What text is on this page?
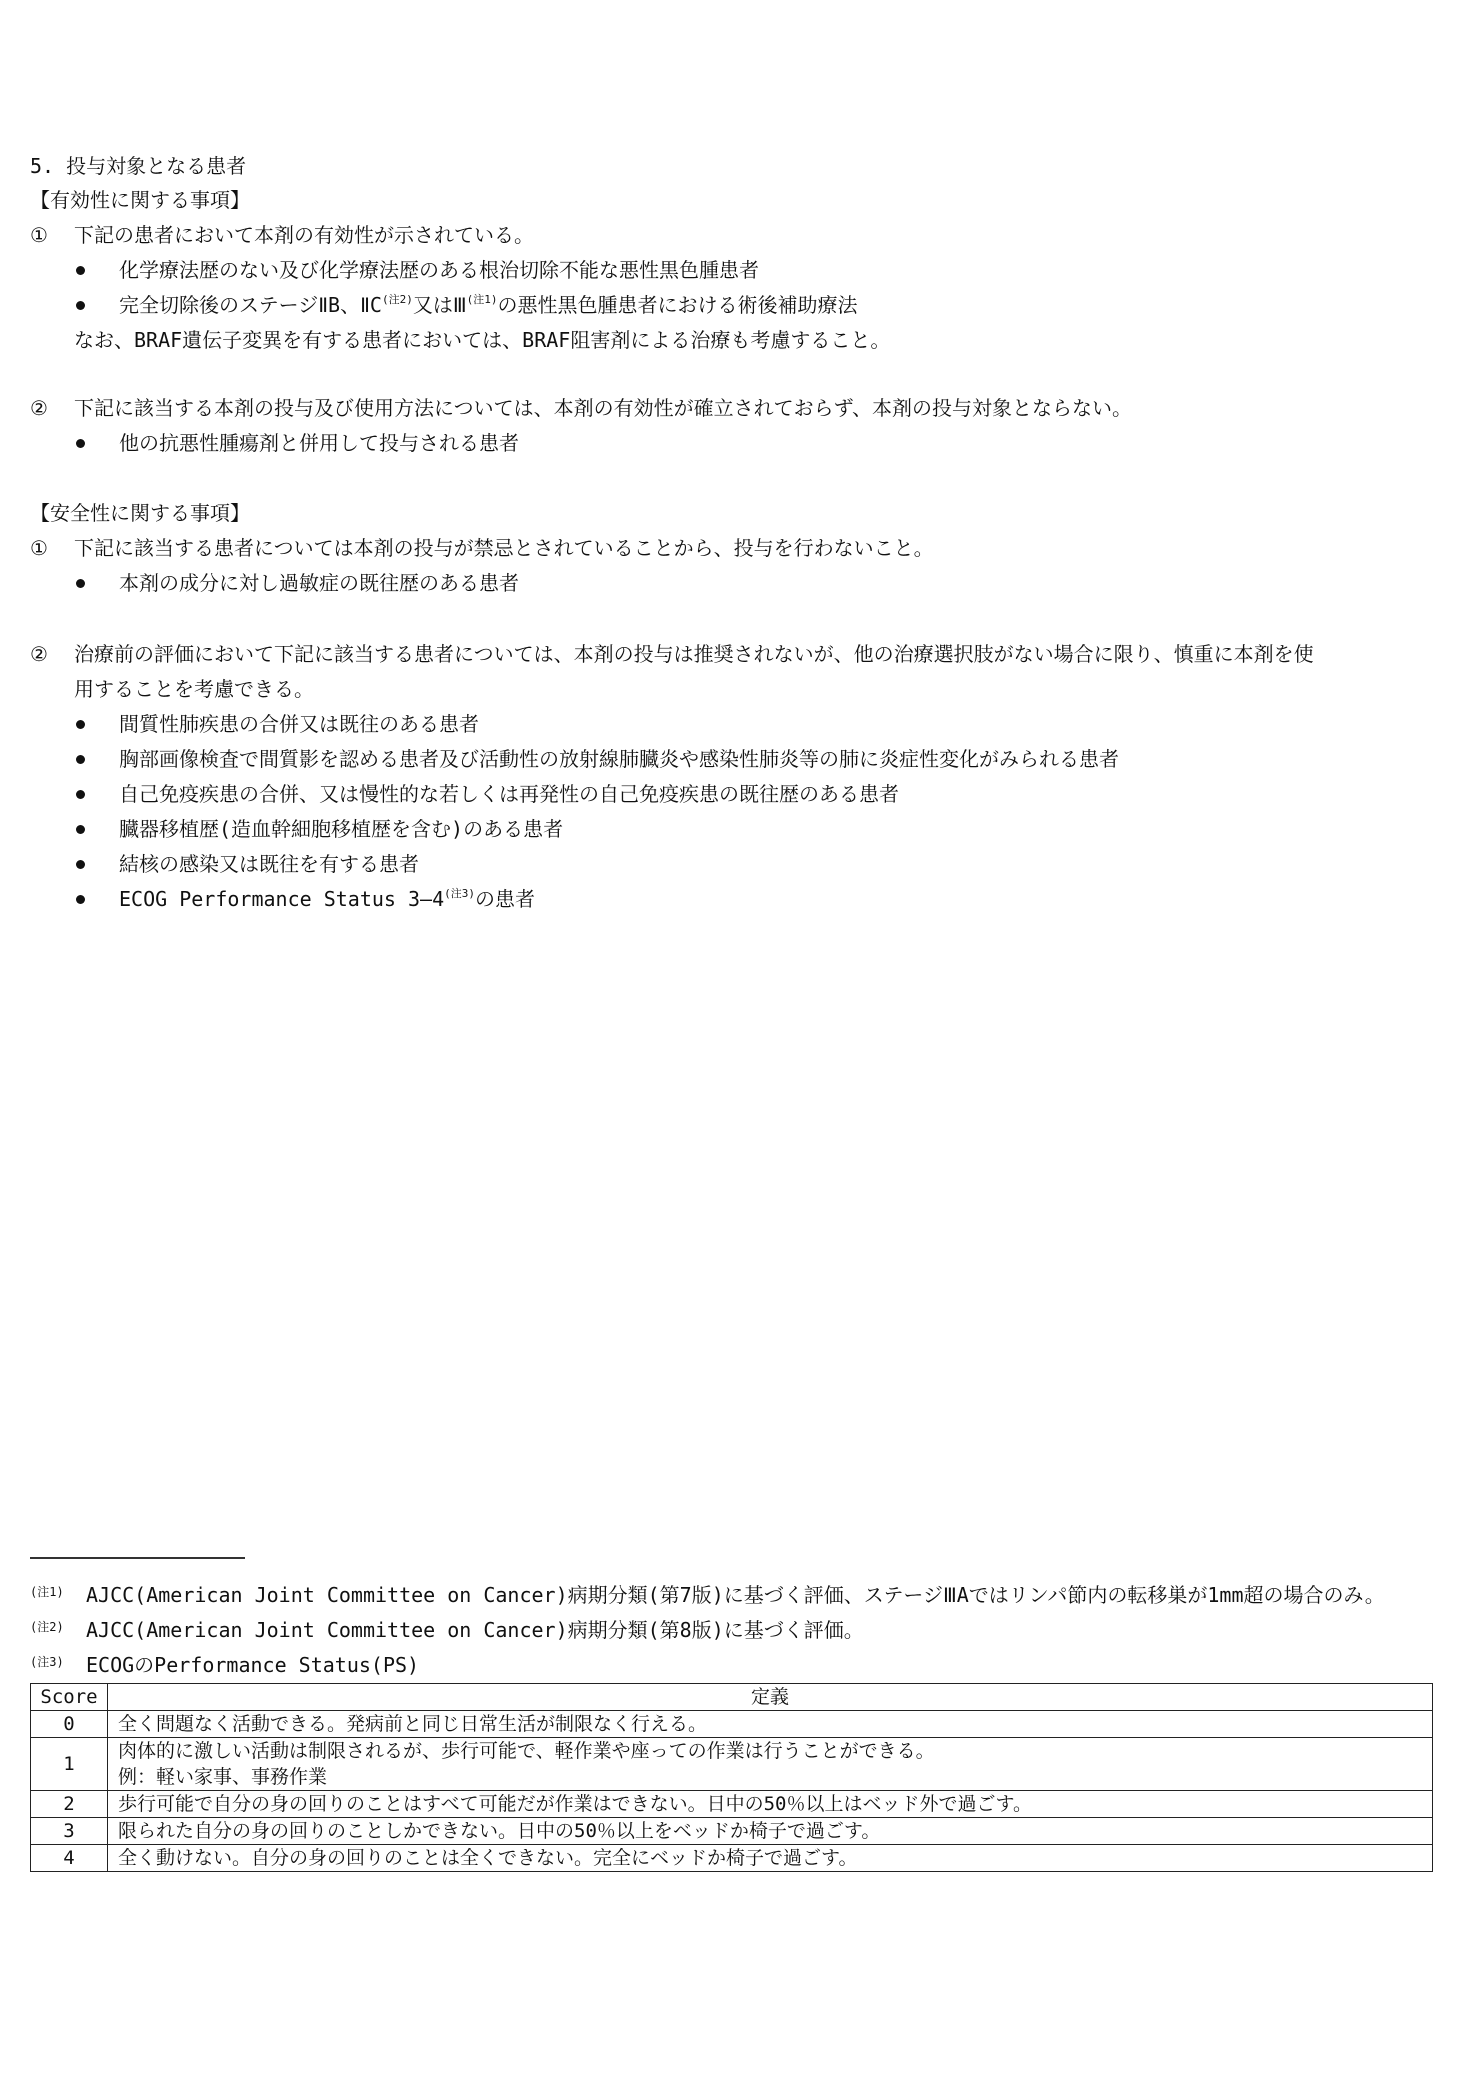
5. 投与対象となる患者
【有効性に関する事項】
① 下記の患者において本剤の有効性が示されている。
化学療法歴のない及び化学療法歴のある根治切除不能な悪性黒色腫患者
完全切除後のステージⅡB、$ⅡC^{(注2)}$又はⅢ$^{(注1)}$の悪性黒色腫患者における術後補助療法
なお、BRAF遺伝子変異を有する患者においては、BRAF阻害剤による治療も考慮すること。
② 下記に該当する本剤の投与及び使用方法については、本剤の有効性が確立されておらず、本剤の投与対象とならない。
他の抗悪性腫瘍剤と併用して投与される患者
【安全性に関する事項】
① 下記に該当する患者については本剤の投与が禁忌とされていることから、投与を行わないこと。
本剤の成分に対し過敏症の既往歴のある患者
② 治療前の評価において下記に該当する患者については、本剤の投与は推奨されないが、他の治療選択肢がない場合に限り、慎重に本剤を使
用することを考慮できる。
間質性肺疾患の合併又は既往のある患者
胸部画像検査で間質影を認める患者及び活動性の放射線肺臓炎や感染性肺炎等の肺に炎症性変化がみられる患者
自己免疫疾患の合併、又は慢性的な若しくは再発性の自己免疫疾患の既往歴のある患者
臓器移植歴(造血幹細胞移植歴を含む)のある患者
結核の感染又は既往を有する患者
ECOG Performance Status $3―4^{(注3)}$の患者
(注1) AJCC(American Joint Committee on Cancer)病期分類(第7版)に基づく評価、ステージⅢAではリンパ節内の転移巣が1mm超の場合のみ。
(注2) AJCC(American Joint Committee on Cancer)病期分類(第8版)に基づく評価。
(注3) ECOGのPerformance Status(PS)
Score	定義
0	全く問題なく活動できる。発病前と同じ日常生活が制限なく行える。
1	肉体的に激しい活動は制限されるが、歩行可能で、軽作業や座っての作業は行うことができる。
例：軽い家事、事務作業

2	歩行可能で自分の身の回りのことはすべて可能だが作業はできない。日中の50％以上はベッド外で過ごす。
3	限られた自分の身の回りのことしかできない。日中の50％以上をベッドか椅子で過ごす。
4	全く動けない。自分の身の回りのことは全くできない。完全にベッドか椅子で過ごす。
